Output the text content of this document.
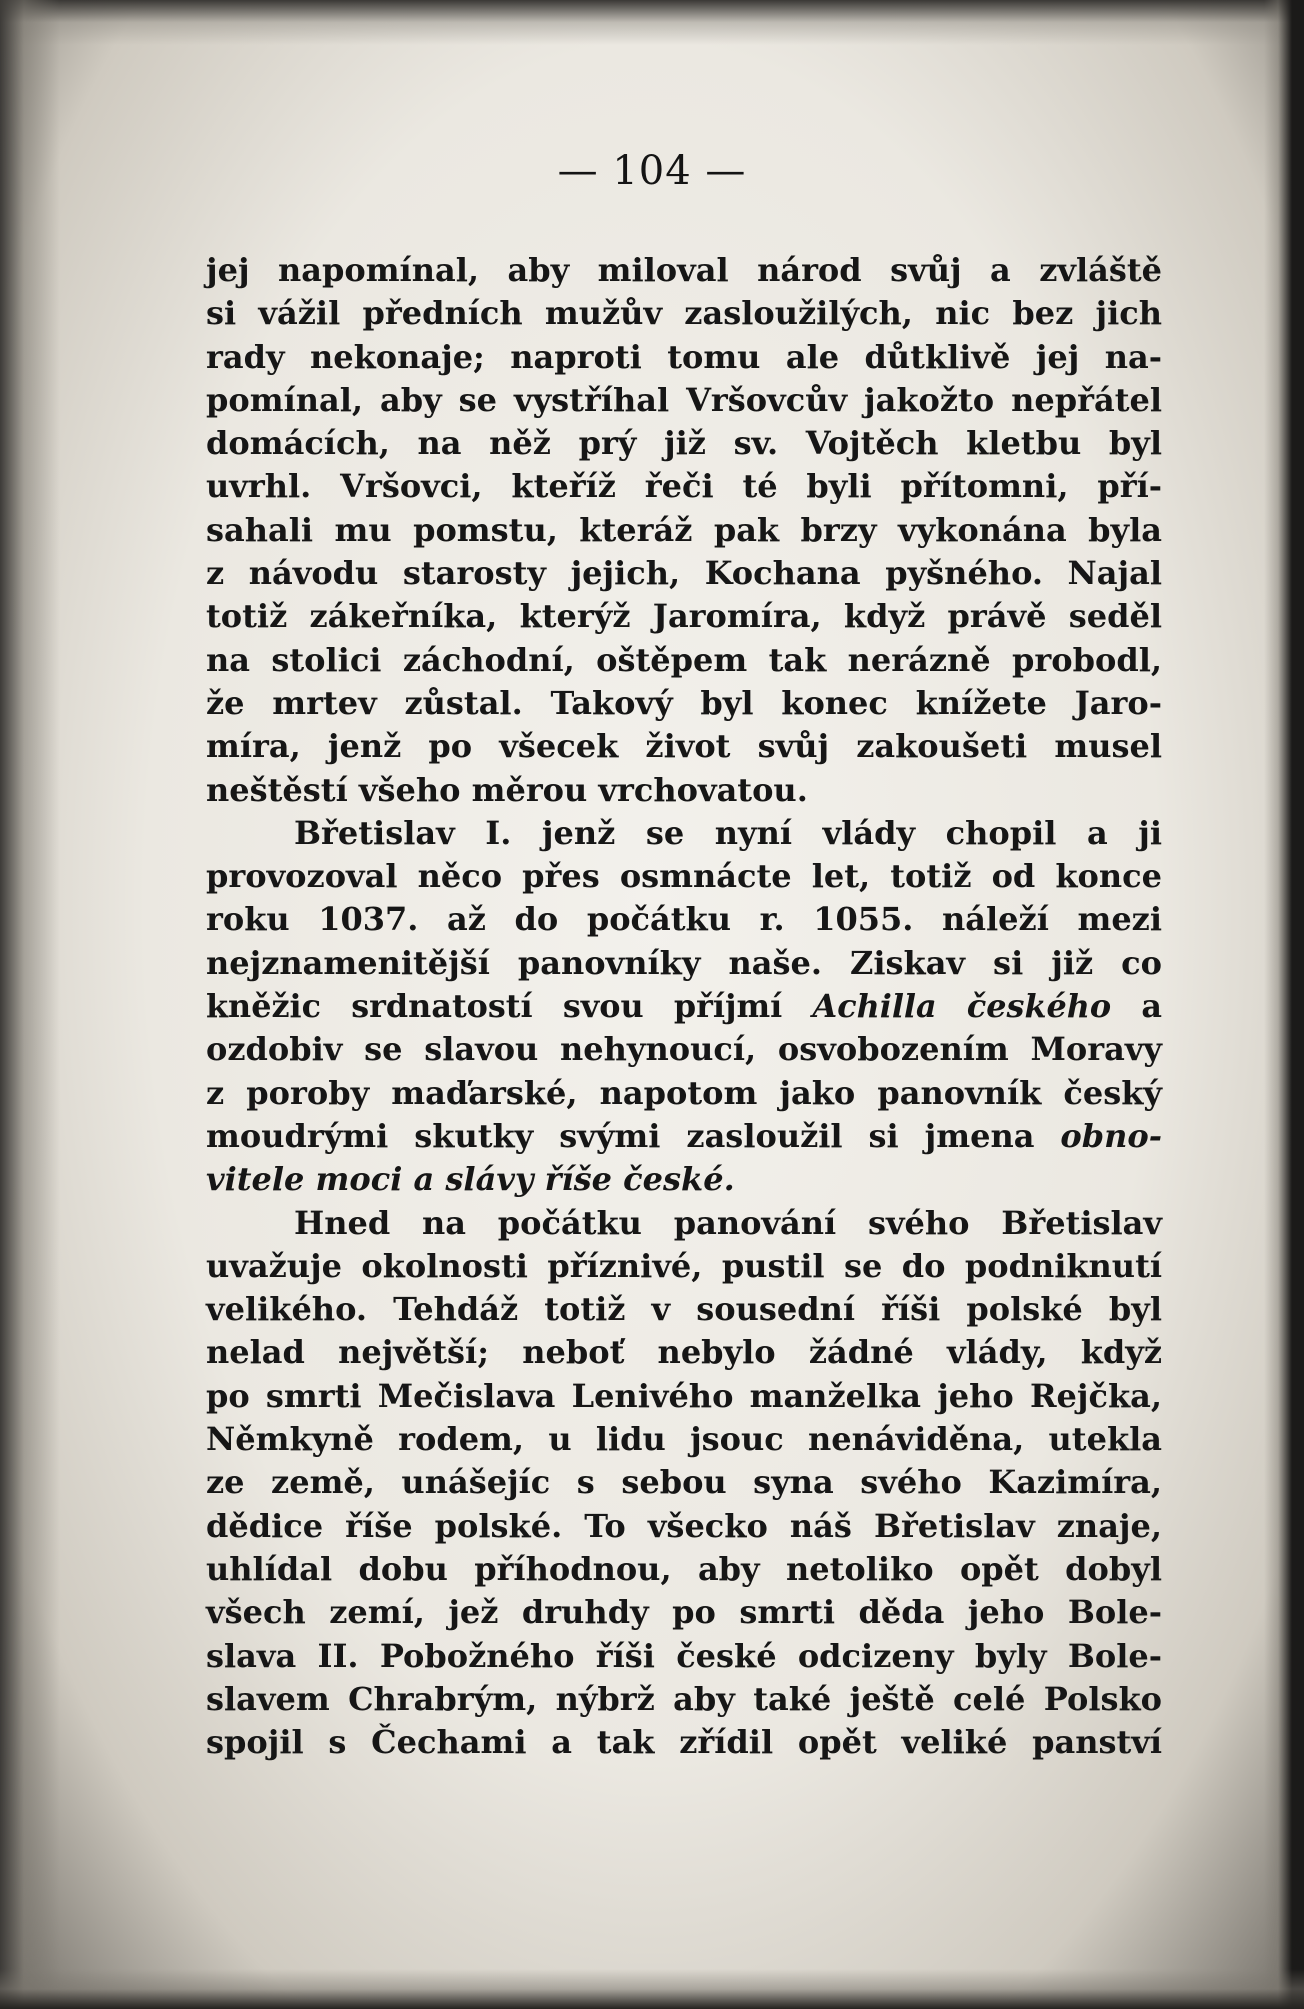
— 104 —
jej napomínal, aby miloval národ svůj a zvláště
si vážil předních mužův zasloužilých, nic bez jich
rady nekonaje; naproti tomu ale důtklivě jej na-
pomínal, aby se vystříhal Vršovcův jakožto nepřátel
domácích, na něž prý již sv. Vojtěch kletbu byl
uvrhl. Vršovci, kteříž řeči té byli přítomni, pří-
sahali mu pomstu, kteráž pak brzy vykonána byla
z návodu starosty jejich, Kochana pyšného. Najal
totiž zákeřníka, kterýž Jaromíra, když právě seděl
na stolici záchodní, oštěpem tak nerázně probodl,
že mrtev zůstal. Takový byl konec knížete Jaro-
míra, jenž po všecek život svůj zakoušeti musel
neštěstí všeho měrou vrchovatou.
Břetislav I. jenž se nyní vlády chopil a ji
provozoval něco přes osmnácte let, totiž od konce
roku 1037. až do počátku r. 1055. náleží mezi
nejznamenitější panovníky naše. Ziskav si již co
kněžic srdnatostí svou příjmí Achilla českého a
ozdobiv se slavou nehynoucí, osvobozením Moravy
z poroby maďarské, napotom jako panovník český
moudrými skutky svými zasloužil si jmena obno-
vitele moci a slávy říše české.
Hned na počátku panování svého Břetislav
uvažuje okolnosti příznivé, pustil se do podniknutí
velikého. Tehdáž totiž v sousední říši polské byl
nelad největší; neboť nebylo žádné vlády, když
po smrti Mečislava Lenivého manželka jeho Rejčka,
Němkyně rodem, u lidu jsouc nenáviděna, utekla
ze země, unášejíc s sebou syna svého Kazimíra,
dědice říše polské. To všecko náš Břetislav znaje,
uhlídal dobu příhodnou, aby netoliko opět dobyl
všech zemí, jež druhdy po smrti děda jeho Bole-
slava II. Pobožného říši české odcizeny byly Bole-
slavem Chrabrým, nýbrž aby také ještě celé Polsko
spojil s Čechami a tak zřídil opět veliké panství
